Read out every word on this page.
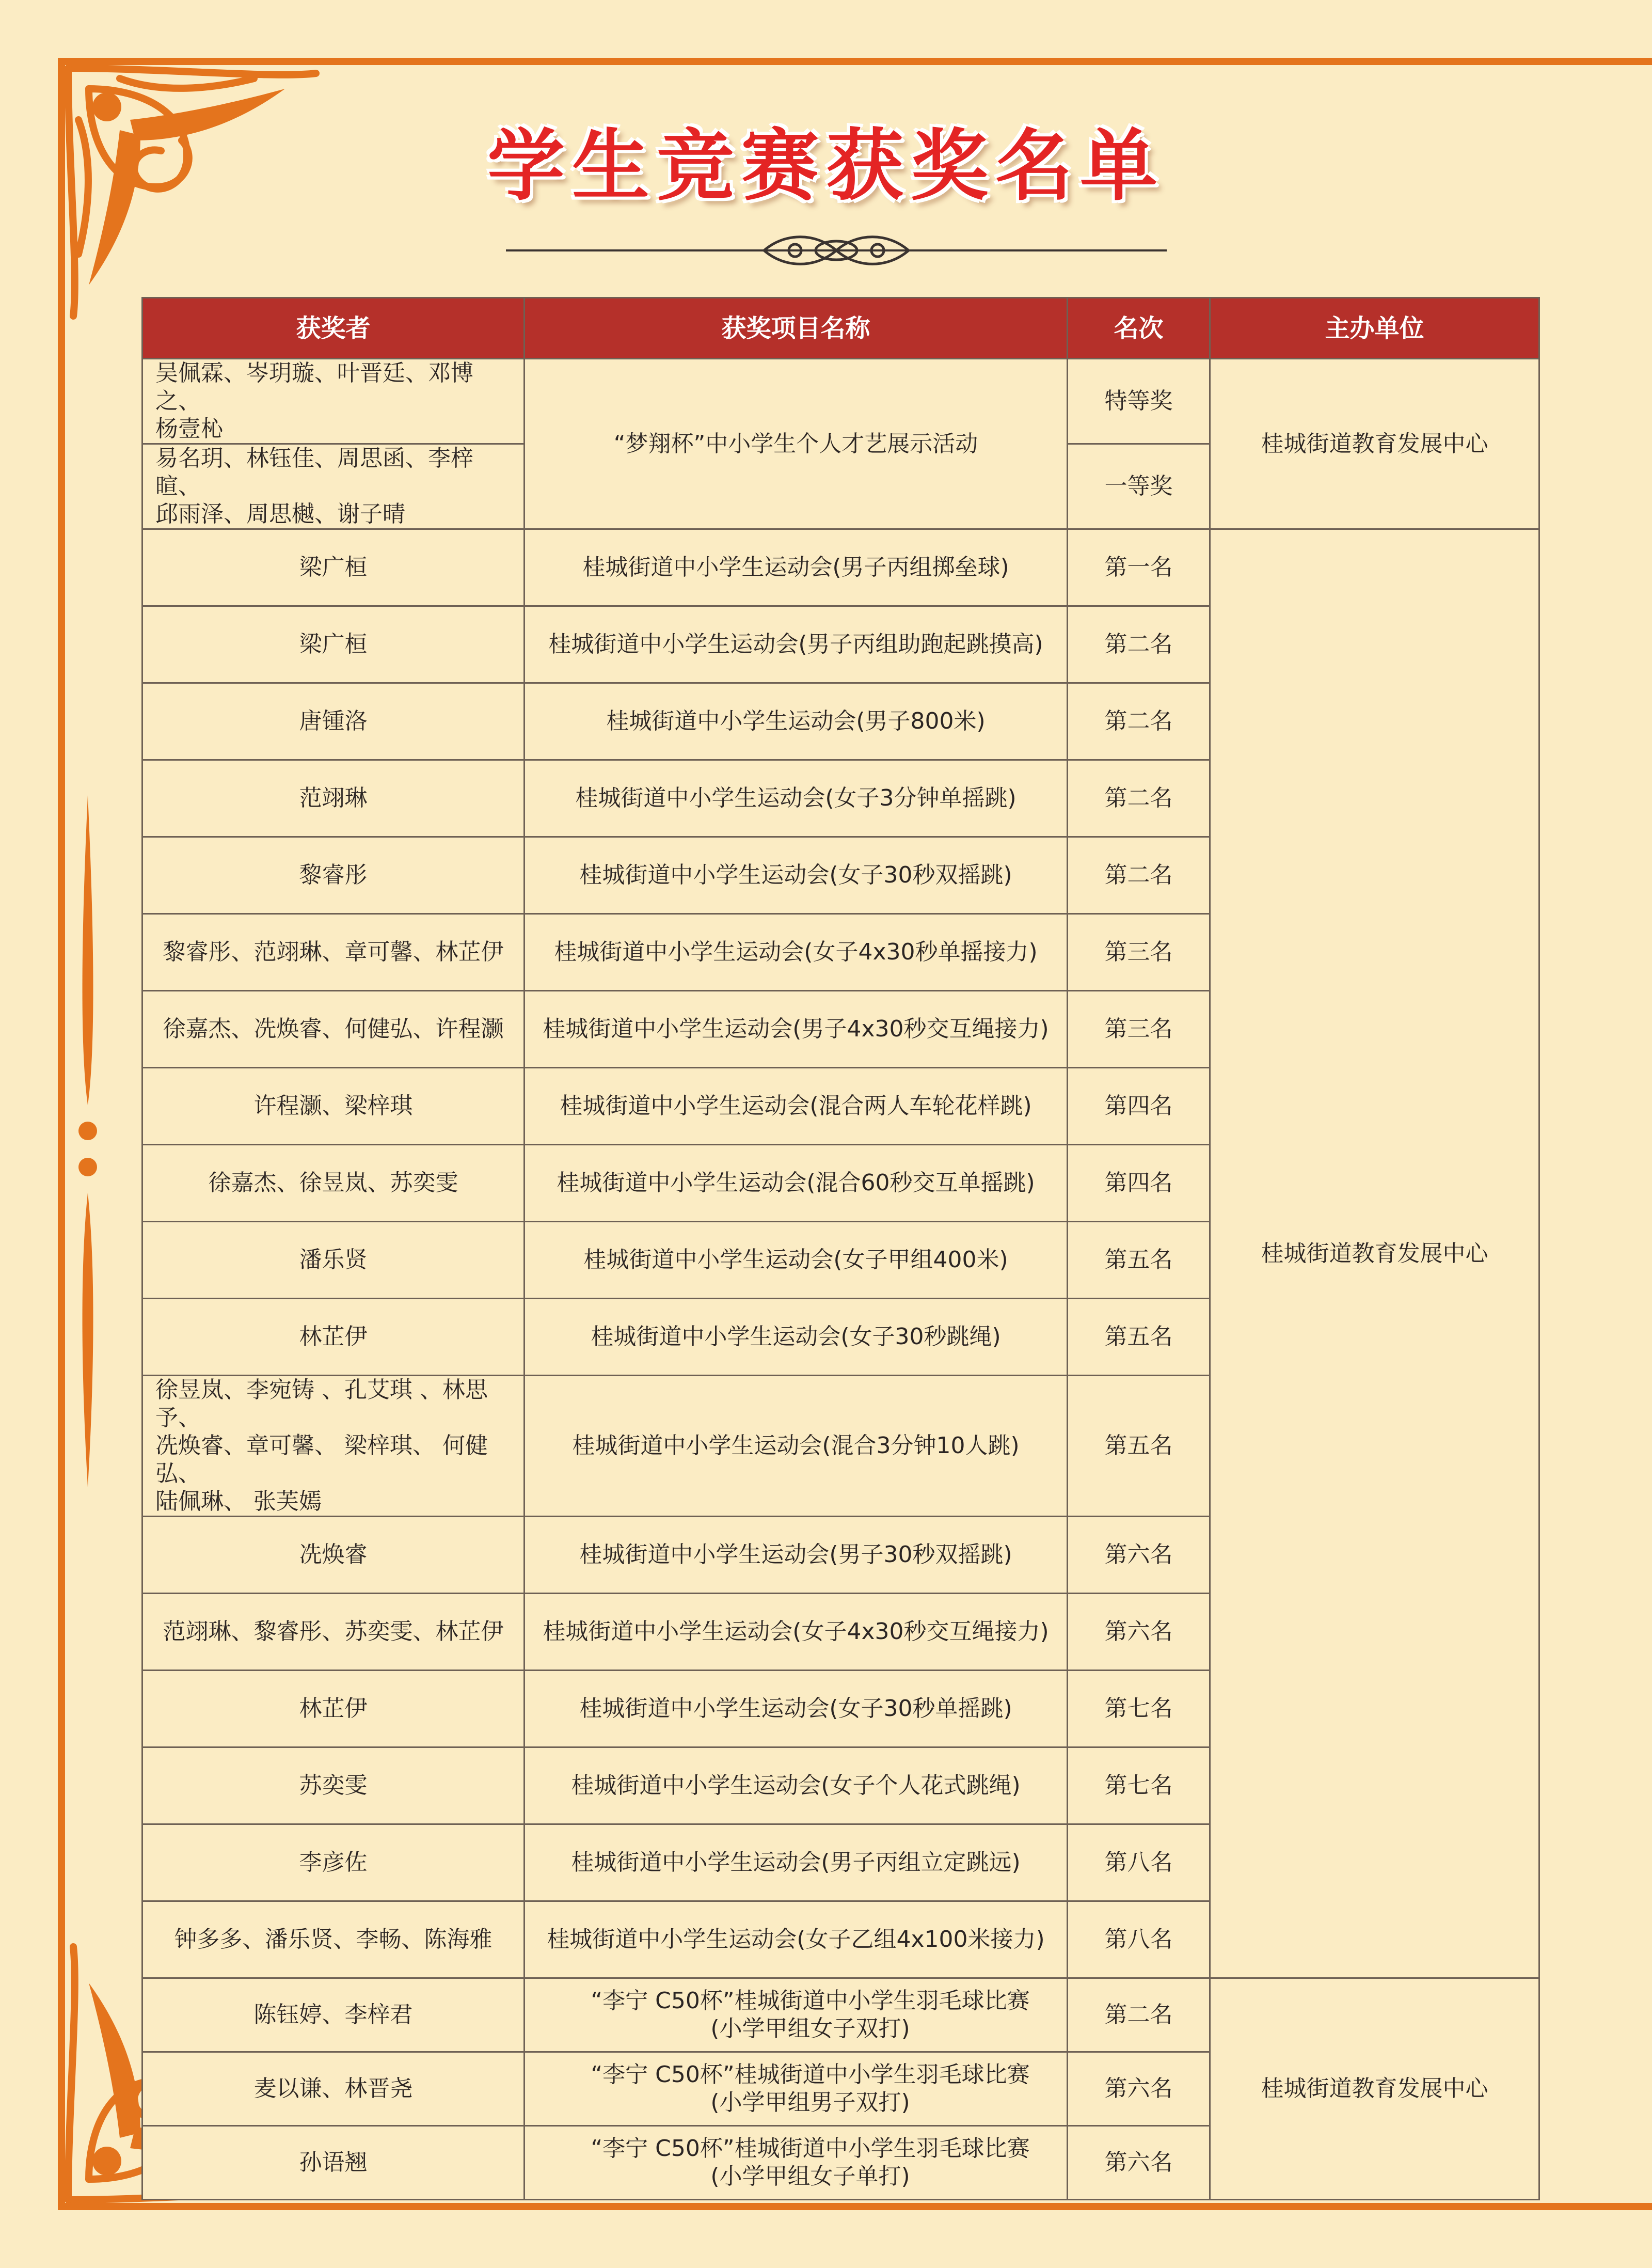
学生竞赛获奖名单
获奖者	获奖项目名称	名次	主办单位
吴佩霖、岑玥璇、叶晋廷、邓博之、
杨壹杺	“梦翔杯”中小学生个人才艺展示活动	特等奖	桂城街道教育发展中心
易名玥、林钰佳、周思函、李梓暄、
邱雨泽、周思樾、谢子晴		一等奖	
梁广桓	桂城街道中小学生运动会(男子丙组掷垒球)	第一名	桂城街道教育发展中心
梁广桓	桂城街道中小学生运动会(男子丙组助跑起跳摸高)	第二名	
唐锺洛	桂城街道中小学生运动会(男子800米)	第二名	
范翊琳	桂城街道中小学生运动会(女子3分钟单摇跳)	第二名	
黎睿彤	桂城街道中小学生运动会(女子30秒双摇跳)	第二名	
黎睿彤、范翊琳、章可馨、林芷伊	桂城街道中小学生运动会(女子4x30秒单摇接力)	第三名	
徐嘉杰、冼焕睿、何健弘、许程灏	桂城街道中小学生运动会(男子4x30秒交互绳接力)	第三名	
许程灏、梁梓琪	桂城街道中小学生运动会(混合两人车轮花样跳)	第四名	
徐嘉杰、徐昱岚、苏奕雯	桂城街道中小学生运动会(混合60秒交互单摇跳)	第四名	
潘乐贤	桂城街道中小学生运动会(女子甲组400米)	第五名	
林芷伊	桂城街道中小学生运动会(女子30秒跳绳)	第五名	
徐昱岚、李宛铸 、孔艾琪 、林思予、
冼焕睿、章可馨、 梁梓琪、 何健弘、
陆佩琳、 张芙嫣	桂城街道中小学生运动会(混合3分钟10人跳)	第五名	
冼焕睿	桂城街道中小学生运动会(男子30秒双摇跳)	第六名	
范翊琳、黎睿彤、苏奕雯、林芷伊	桂城街道中小学生运动会(女子4x30秒交互绳接力)	第六名	
林芷伊	桂城街道中小学生运动会(女子30秒单摇跳)	第七名	
苏奕雯	桂城街道中小学生运动会(女子个人花式跳绳)	第七名	
李彦佐	桂城街道中小学生运动会(男子丙组立定跳远)	第八名	
钟多多、潘乐贤、李畅、陈海雅	桂城街道中小学生运动会(女子乙组4x100米接力)	第八名	
陈钰婷、李梓君	“李宁 C50杯”桂城街道中小学生羽毛球比赛
(小学甲组女子双打)	第二名	桂城街道教育发展中心
麦以谦、林晋尧	“李宁 C50杯”桂城街道中小学生羽毛球比赛
(小学甲组男子双打)	第六名	
孙语翘	“李宁 C50杯”桂城街道中小学生羽毛球比赛
(小学甲组女子单打)	第六名	
